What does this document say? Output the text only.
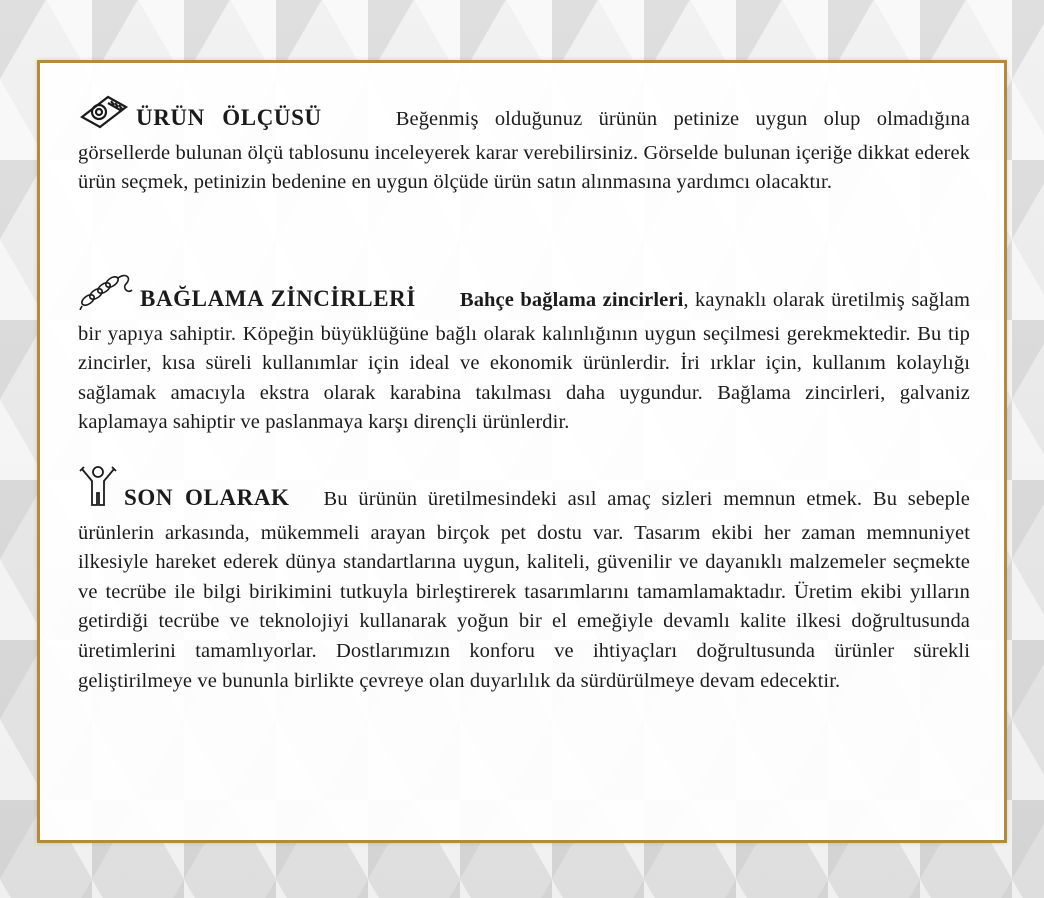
ÜRÜN ÖLÇÜSÜ	Beğenmiş olduğunuz ürünün petinize uygun olup olmadığına görsellerde bulunan ölçü tablosunu inceleyerek karar verebilirsiniz. Görselde bulunan içeriğe dikkat ederek ürün seçmek, petinizin bedenine en uygun ölçüde ürün satın alınmasına yardımcı olacaktır.
BAĞLAMA ZİNCİRLERİ Bahçe bağlama zincirleri, kaynaklı olarak üretilmiş sağlam bir yapıya sahiptir. Köpeğin büyüklüğüne bağlı olarak kalınlığının uygun seçilmesi gerekmektedir. Bu tip zincirler, kısa süreli kullanımlar için ideal ve ekonomik ürünlerdir. İri ırklar için, kullanım kolaylığı sağlamak amacıyla ekstra olarak karabina takılması daha uygundur. Bağlama zincirleri, galvaniz kaplamaya sahiptir ve paslanmaya karşı dirençli ürünlerdir.
SON OLARAK Bu ürünün üretilmesindeki asıl amaç sizleri memnun etmek. Bu sebeple ürünlerin arkasında, mükemmeli arayan birçok pet dostu var. Tasarım ekibi her zaman memnuniyet ilkesiyle hareket ederek dünya standartlarına uygun, kaliteli, güvenilir ve dayanıklı malzemeler seçmekte ve tecrübe ile bilgi birikimini tutkuyla birleştirerek tasarımlarını tamamlamaktadır. Üretim ekibi yılların getirdiği tecrübe ve teknolojiyi kullanarak yoğun bir el emeğiyle devamlı kalite ilkesi doğrultusunda üretimlerini tamamlıyorlar. Dostlarımızın konforu ve ihtiyaçları doğrultusunda ürünler sürekli geliştirilmeye ve bununla birlikte çevreye olan duyarlılık da sürdürülmeye devam edecektir.
